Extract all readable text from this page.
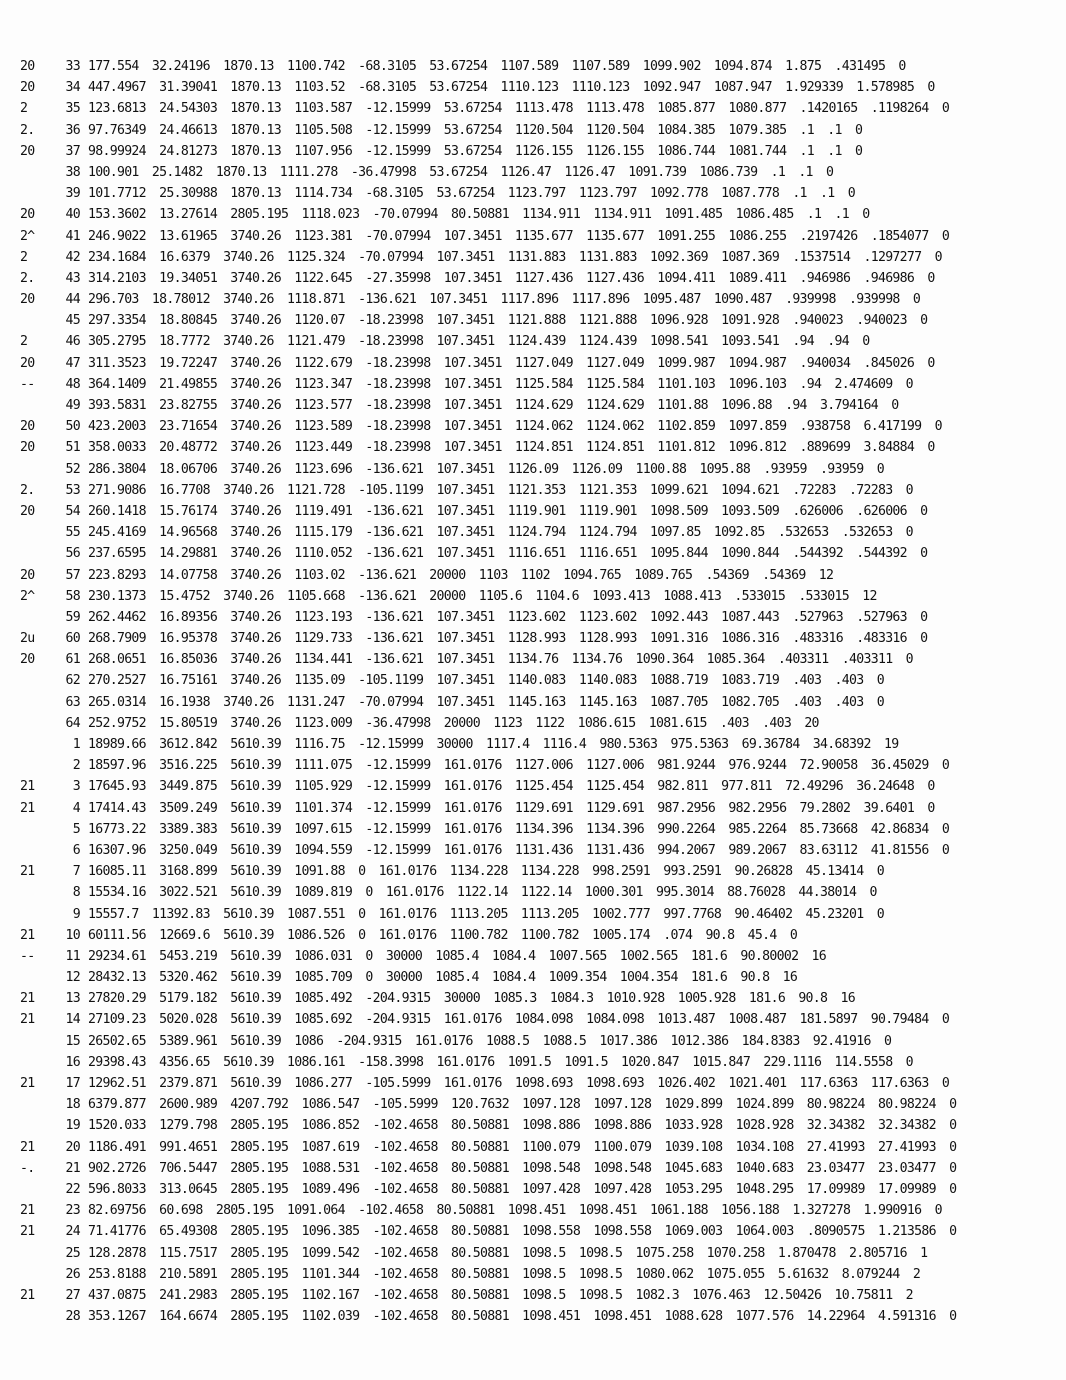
20	33 177.554 32.24196 1870.13 1100.742 -68.3105 53.67254 1107.589 1107.589 1099.902 1094.874 1.875 .431495 0
20	34 447.4967 31.39041 1870.13 1103.52 -68.3105 53.67254 1110.123 1110.123 1092.947 1087.947 1.929339 1.578985 0
2	35 123.6813 24.54303 1870.13 1103.587 -12.15999 53.67254 1113.478 1113.478 1085.877 1080.877 .1420165 .1198264 0
2.	36 97.76349 24.46613 1870.13 1105.508 -12.15999 53.67254 1120.504 1120.504 1084.385 1079.385 .1 .1 0
20	37 98.99924 24.81273 1870.13 1107.956 -12.15999 53.67254 1126.155 1126.155 1086.744 1081.744 .1 .1 0
38 100.901 25.1482 1870.13 1111.278 -36.47998 53.67254 1126.47 1126.47 1091.739 1086.739 .1 .1 0
39 101.7712 25.30988 1870.13 1114.734 -68.3105 53.67254 1123.797 1123.797 1092.778 1087.778 .1 .1 0
20	40 153.3602 13.27614 2805.195 1118.023 -70.07994 80.50881 1134.911 1134.911 1091.485 1086.485 .1 .1 0
2^	41 246.9022 13.61965 3740.26 1123.381 -70.07994 107.3451 1135.677 1135.677 1091.255 1086.255 .2197426 .1854077 0
2	42 234.1684 16.6379 3740.26 1125.324 -70.07994 107.3451 1131.883 1131.883 1092.369 1087.369 .1537514 .1297277 0
2.	43 314.2103 19.34051 3740.26 1122.645 -27.35998 107.3451 1127.436 1127.436 1094.411 1089.411 .946986 .946986 0
20	44 296.703 18.78012 3740.26 1118.871 -136.621 107.3451 1117.896 1117.896 1095.487 1090.487 .939998 .939998 0
45 297.3354 18.80845 3740.26 1120.07 -18.23998 107.3451 1121.888 1121.888 1096.928 1091.928 .940023 .940023 0
2	46 305.2795 18.7772 3740.26 1121.479 -18.23998 107.3451 1124.439 1124.439 1098.541 1093.541 .94 .94 0
20	47 311.3523 19.72247 3740.26 1122.679 -18.23998 107.3451 1127.049 1127.049 1099.987 1094.987 .940034 .845026 0
--	48 364.1409 21.49855 3740.26 1123.347 -18.23998 107.3451 1125.584 1125.584 1101.103 1096.103 .94 2.474609 0
49 393.5831 23.82755 3740.26 1123.577 -18.23998 107.3451 1124.629 1124.629 1101.88 1096.88 .94 3.794164 0
20	50 423.2003 23.71654 3740.26 1123.589 -18.23998 107.3451 1124.062 1124.062 1102.859 1097.859 .938758 6.417199 0
20	51 358.0033 20.48772 3740.26 1123.449 -18.23998 107.3451 1124.851 1124.851 1101.812 1096.812 .889699 3.84884 0
52 286.3804 18.06706 3740.26 1123.696 -136.621 107.3451 1126.09 1126.09 1100.88 1095.88 .93959 .93959 0
2.	53 271.9086 16.7708 3740.26 1121.728 -105.1199 107.3451 1121.353 1121.353 1099.621 1094.621 .72283 .72283 0
20	54 260.1418 15.76174 3740.26 1119.491 -136.621 107.3451 1119.901 1119.901 1098.509 1093.509 .626006 .626006 0
55 245.4169 14.96568 3740.26 1115.179 -136.621 107.3451 1124.794 1124.794 1097.85 1092.85 .532653 .532653 0
56 237.6595 14.29881 3740.26 1110.052 -136.621 107.3451 1116.651 1116.651 1095.844 1090.844 .544392 .544392 0
20	57 223.8293 14.07758 3740.26 1103.02 -136.621 20000 1103 1102 1094.765 1089.765 .54369 .54369 12
2^	58 230.1373 15.4752 3740.26 1105.668 -136.621 20000 1105.6 1104.6 1093.413 1088.413 .533015 .533015 12
59 262.4462 16.89356 3740.26 1123.193 -136.621 107.3451 1123.602 1123.602 1092.443 1087.443 .527963 .527963 0
2u	60 268.7909 16.95378 3740.26 1129.733 -136.621 107.3451 1128.993 1128.993 1091.316 1086.316 .483316 .483316 0
20	61 268.0651 16.85036 3740.26 1134.441 -136.621 107.3451 1134.76 1134.76 1090.364 1085.364 .403311 .403311 0
62 270.2527 16.75161 3740.26 1135.09 -105.1199 107.3451 1140.083 1140.083 1088.719 1083.719 .403 .403 0
63 265.0314 16.1938 3740.26 1131.247 -70.07994 107.3451 1145.163 1145.163 1087.705 1082.705 .403 .403 0
64 252.9752 15.80519 3740.26 1123.009 -36.47998 20000 1123 1122 1086.615 1081.615 .403 .403 20
1 18989.66 3612.842 5610.39 1116.75 -12.15999 30000 1117.4 1116.4 980.5363 975.5363 69.36784 34.68392 19
2 18597.96 3516.225 5610.39 1111.075 -12.15999 161.0176 1127.006 1127.006 981.9244 976.9244 72.90058 36.45029 0
21	3 17645.93 3449.875 5610.39 1105.929 -12.15999 161.0176 1125.454 1125.454 982.811 977.811 72.49296 36.24648 0
21	4 17414.43 3509.249 5610.39 1101.374 -12.15999 161.0176 1129.691 1129.691 987.2956 982.2956 79.2802 39.6401 0
5 16773.22 3389.383 5610.39 1097.615 -12.15999 161.0176 1134.396 1134.396 990.2264 985.2264 85.73668 42.86834 0
6 16307.96 3250.049 5610.39 1094.559 -12.15999 161.0176 1131.436 1131.436 994.2067 989.2067 83.63112 41.81556 0
21	7 16085.11 3168.899 5610.39 1091.88 0 161.0176 1134.228 1134.228 998.2591 993.2591 90.26828 45.13414 0
8 15534.16 3022.521 5610.39 1089.819 0 161.0176 1122.14 1122.14 1000.301 995.3014 88.76028 44.38014 0
9 15557.7 11392.83 5610.39 1087.551 0 161.0176 1113.205 1113.205 1002.777 997.7768 90.46402 45.23201 0
21	10 60111.56 12669.6 5610.39 1086.526 0 161.0176 1100.782 1100.782 1005.174 .074 90.8 45.4 0
--	11 29234.61 5453.219 5610.39 1086.031 0 30000 1085.4 1084.4 1007.565 1002.565 181.6 90.80002 16
12 28432.13 5320.462 5610.39 1085.709 0 30000 1085.4 1084.4 1009.354 1004.354 181.6 90.8 16
21	13 27820.29 5179.182 5610.39 1085.492 -204.9315 30000 1085.3 1084.3 1010.928 1005.928 181.6 90.8 16
21	14 27109.23 5020.028 5610.39 1085.692 -204.9315 161.0176 1084.098 1084.098 1013.487 1008.487 181.5897 90.79484 0
15 26502.65 5389.961 5610.39 1086 -204.9315 161.0176 1088.5 1088.5 1017.386 1012.386 184.8383 92.41916 0
16 29398.43 4356.65 5610.39 1086.161 -158.3998 161.0176 1091.5 1091.5 1020.847 1015.847 229.1116 114.5558 0
21	17 12962.51 2379.871 5610.39 1086.277 -105.5999 161.0176 1098.693 1098.693 1026.402 1021.401 117.6363 117.6363 0
18 6379.877 2600.989 4207.792 1086.547 -105.5999 120.7632 1097.128 1097.128 1029.899 1024.899 80.98224 80.98224 0
19 1520.033 1279.798 2805.195 1086.852 -102.4658 80.50881 1098.886 1098.886 1033.928 1028.928 32.34382 32.34382 0
21	20 1186.491 991.4651 2805.195 1087.619 -102.4658 80.50881 1100.079 1100.079 1039.108 1034.108 27.41993 27.41993 0
-.	21 902.2726 706.5447 2805.195 1088.531 -102.4658 80.50881 1098.548 1098.548 1045.683 1040.683 23.03477 23.03477 0
22 596.8033 313.0645 2805.195 1089.496 -102.4658 80.50881 1097.428 1097.428 1053.295 1048.295 17.09989 17.09989 0
21	23 82.69756 60.698 2805.195 1091.064 -102.4658 80.50881 1098.451 1098.451 1061.188 1056.188 1.327278 1.990916 0
21	24 71.41776 65.49308 2805.195 1096.385 -102.4658 80.50881 1098.558 1098.558 1069.003 1064.003 .8090575 1.213586 0
25 128.2878 115.7517 2805.195 1099.542 -102.4658 80.50881 1098.5 1098.5 1075.258 1070.258 1.870478 2.805716 1
26 253.8188 210.5891 2805.195 1101.344 -102.4658 80.50881 1098.5 1098.5 1080.062 1075.055 5.61632 8.079244 2
21	27 437.0875 241.2983 2805.195 1102.167 -102.4658 80.50881 1098.5 1098.5 1082.3 1076.463 12.50426 10.75811 2
28 353.1267 164.6674 2805.195 1102.039 -102.4658 80.50881 1098.451 1098.451 1088.628 1077.576 14.22964 4.591316 0
